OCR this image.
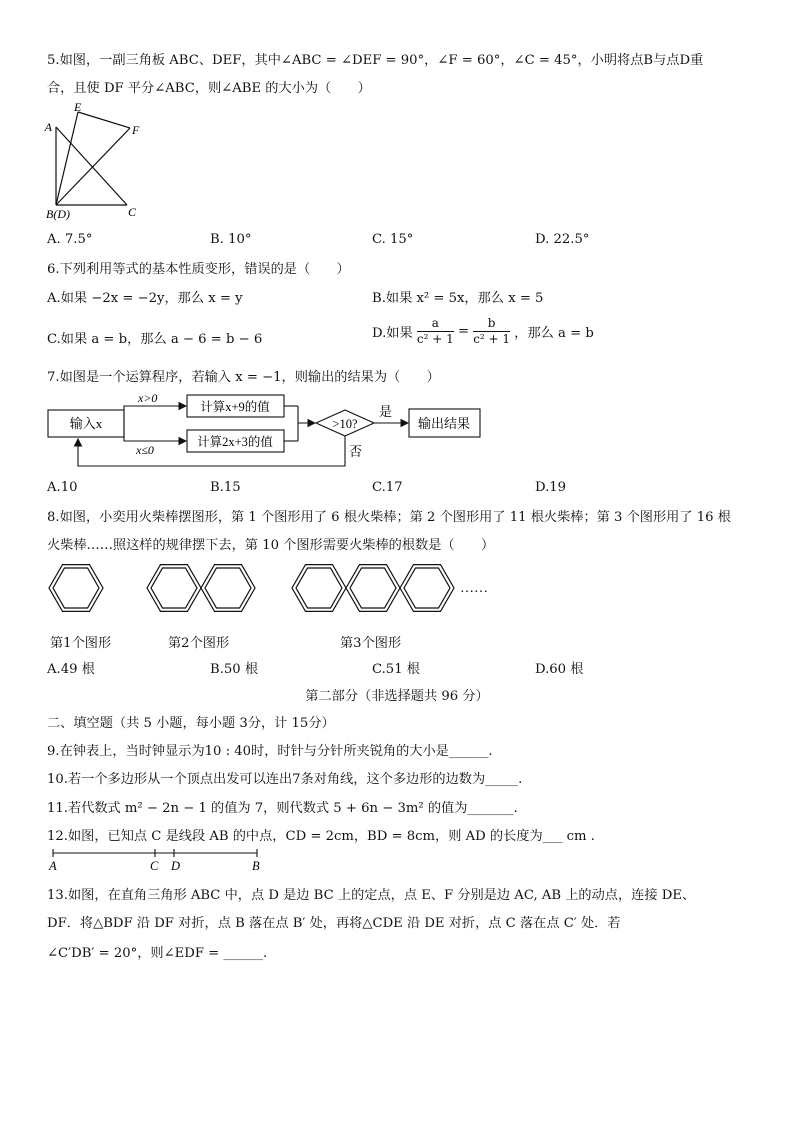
5.如图，一副三角板 ABC、DEF，其中∠ABC = ∠DEF = 90°，∠F = 60°，∠C = 45°，小明将点B与点D重
合，且使 DF 平分∠ABC，则∠ABE 的大小为（　　）
A
E
F
B(D)	C
A. 7.5°	B. 10°	C. 15°	D. 22.5°
6.下列利用等式的基本性质变形，错误的是（　　）
A.如果 −2x = −2y，那么 x = y	B.如果 x² = 5x，那么 x = 5
C.如果 a = b，那么 a − 6 = b − 6	D.如果 $\frac{a}{\text{c² + 1}} = \frac{b}{\text{c² + 1}}$ ，那么 a = b
7.如图是一个运算程序，若输入 x = −1，则输出的结果为（　　）
输入x
x>0
x≤0
计算x+9的值
计算2x+3的值
>10?
是
输出结果
否
A.10	B.15	C.17	D.19
8.如图，小奕用火柴棒摆图形，第 1 个图形用了 6 根火柴棒；第 2 个图形用了 11 根火柴棒；第 3 个图形用了 16 根
火柴棒……照这样的规律摆下去，第 10 个图形需要火柴棒的根数是（　　）
……
第1个图形	第2个图形	第3个图形
A.49 根	B.50 根	C.51 根	D.60 根
第二部分（非选择题共 96 分）
二、填空题（共 5 小题，每小题 3分，计 15分）
9.在钟表上，当时钟显示为10 : 40时，时针与分针所夹锐角的大小是______.
10.若一个多边形从一个顶点出发可以连出7条对角线，这个多边形的边数为_____.
11.若代数式 m² − 2n − 1 的值为 7，则代数式 5 + 6n − 3m² 的值为_______.
12.如图，已知点 C 是线段 AB 的中点，CD = 2cm，BD = 8cm，则 AD 的长度为___ cm .
A	C D	B
13.如图，在直角三角形 ABC 中，点 D 是边 BC 上的定点，点 E、F 分别是边 AC, AB 上的动点，连接 DE、
DF．将△BDF 沿 DF 对折，点 B 落在点 B′ 处，再将△CDE 沿 DE 对折，点 C 落在点 C′ 处．若
∠C′DB′ = 20°，则∠EDF = ______.
